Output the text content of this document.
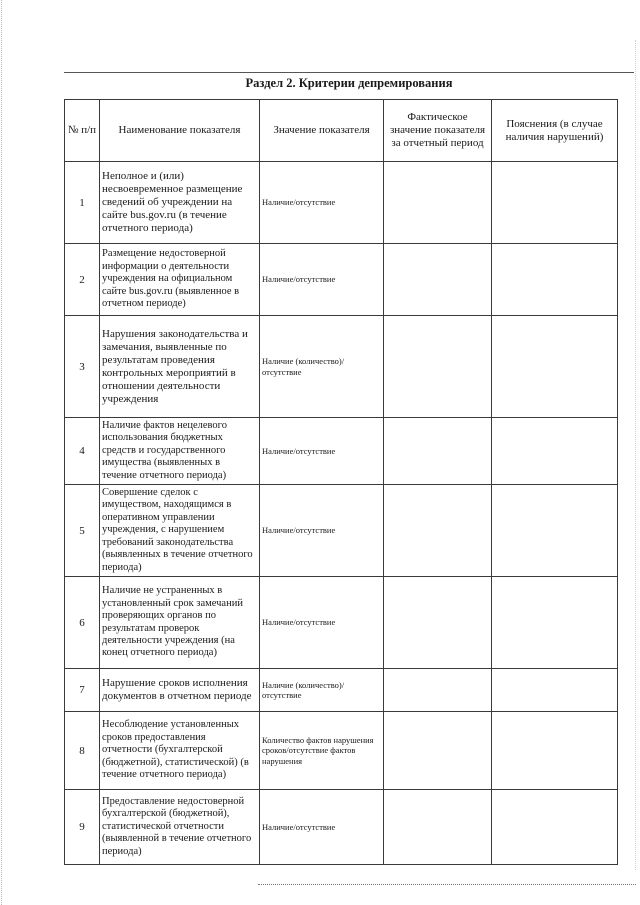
Раздел 2. Критерии депремирования
№ п/п	Наименование показателя	Значение показателя	Фактическое значение показателя за отчетный период	Пояснения (в случае наличия нарушений)
1	Неполное и (или) несвоевременное размещение сведений об учреждении на сайте bus.gov.ru (в течение отчетного периода)	Наличие/отсутствие		
2	Размещение недостоверной информации о деятельности учреждения на официальном сайте bus.gov.ru (выявленное в отчетном периоде)	Наличие/отсутствие		
3	Нарушения законодательства и замечания, выявленные по результатам проведения контрольных мероприятий в отношении деятельности учреждения	Наличие (количество)/ отсутствие		
4	Наличие фактов нецелевого использования бюджетных средств и государственного имущества (выявленных в течение отчетного периода)	Наличие/отсутствие		
5	Совершение сделок с имуществом, находящимся в оперативном управлении учреждения, с нарушением требований законодательства (выявленных в течение отчетного периода)	Наличие/отсутствие		
6	Наличие не устраненных в установленный срок замечаний проверяющих органов по результатам проверок деятельности учреждения (на конец отчетного периода)	Наличие/отсутствие		
7	Нарушение сроков исполнения документов в отчетном периоде	Наличие (количество)/ отсутствие		
8	Несоблюдение установленных сроков предоставления отчетности (бухгалтерской (бюджетной), статистической) (в течение отчетного периода)	Количество фактов нарушения сроков/отсутствие фактов нарушения		
9	Предоставление недостоверной бухгалтерской (бюджетной), статистической отчетности (выявленной в течение отчетного периода)	Наличие/отсутствие		
